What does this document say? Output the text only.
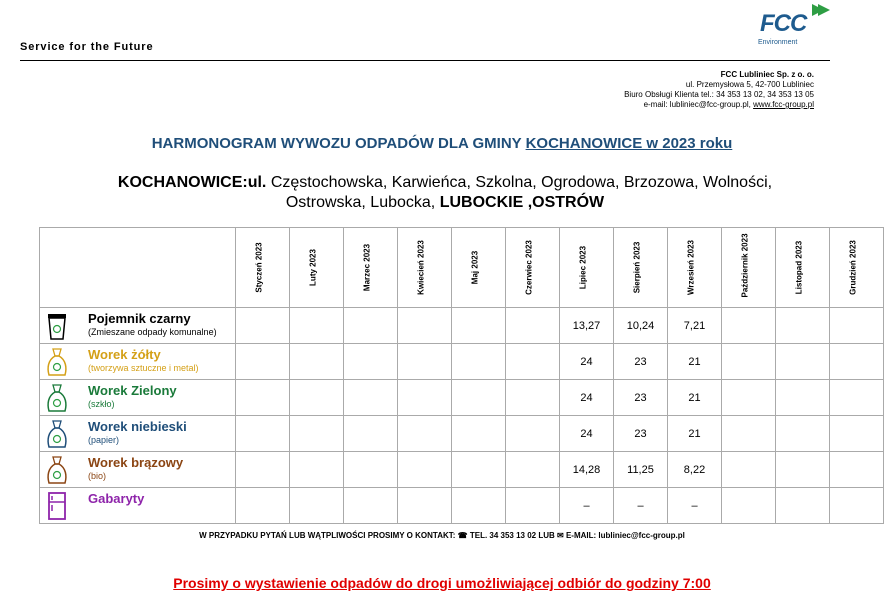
Service for the Future
FCC
Environment
FCC Lubliniec Sp. z o. o.
ul. Przemysłowa 5, 42-700 Lubliniec
Biuro Obsługi Klienta tel.: 34 353 13 02, 34 353 13 05
e-mail: lubliniec@fcc-group.pl, www.fcc-group.pl
HARMONOGRAM WYWOZU ODPADÓW DLA GMINY KOCHANOWICE w 2023 roku
KOCHANOWICE:ul. Częstochowska, Karwieńca, Szkolna, Ogrodowa, Brzozowa, Wolności,
Ostrowska, Lubocka, LUBOCKIE ,OSTRÓW

	Styczeń 2023	Luty 2023	Marzec 2023	Kwiecień 2023	Maj 2023	Czerwiec 2023	Lipiec 2023	Sierpień 2023	Wrzesień 2023	Październik 2023	Listopad 2023	Grudzień 2023

Pojemnik czarny
(Zmieszane odpady komunalne)							13,27	10,24	7,21			

Worek żółty
(tworzywa sztuczne i metal)							24	23	21			

Worek Zielony
(szkło)							24	23	21			

Worek niebieski
(papier)							24	23	21			

Worek brązowy
(bio)							14,28	11,25	8,22			

Gabaryty							–	–	–			
W PRZYPADKU PYTAŃ LUB WĄTPLIWOŚCI PROSIMY O KONTAKT: ☎ TEL. 34 353 13 02 LUB ✉ E-MAIL: lubliniec@fcc-group.pl
Prosimy o wystawienie odpadów do drogi umożliwiającej odbiór do godziny 7:00
